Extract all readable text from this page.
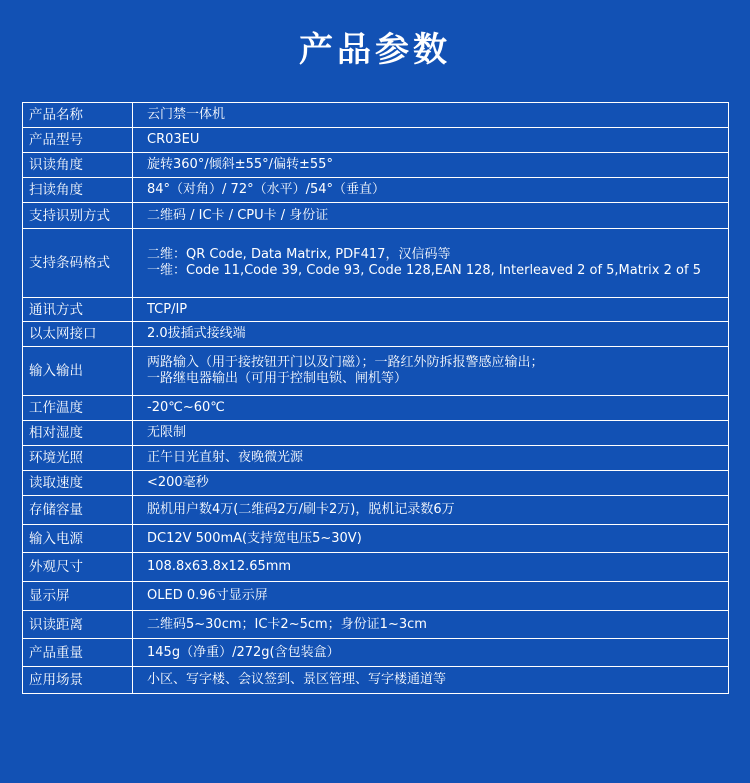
产品参数
产品名称	云门禁一体机

产品型号	CR03EU

识读角度	旋转360°/倾斜±55°/偏转±55°

扫读角度	84°（对角）/ 72°（水平）/54°（垂直）

支持识别方式	二维码 / IC卡 / CPU卡 / 身份证

支持条码格式	二维：QR Code, Data Matrix, PDF417，汉信码等
一维：Code 11,Code 39, Code 93, Code 128,EAN 128, Interleaved 2 of 5,Matrix 2 of 5

通讯方式	TCP/IP

以太网接口	2.0拔插式接线端

输入输出	两路输入（用于接按钮开门以及门磁）；一路红外防拆报警感应输出；
一路继电器输出（可用于控制电锁、闸机等）

工作温度	-20℃~60℃

相对湿度	无限制

环境光照	正午日光直射、夜晚微光源

读取速度	<200毫秒

存储容量	脱机用户数4万(二维码2万/刷卡2万)，脱机记录数6万

输入电源	DC12V 500mA(支持宽电压5~30V)

外观尺寸	108.8x63.8x12.65mm

显示屏	OLED 0.96寸显示屏

识读距离	二维码5~30cm；IC卡2~5cm；身份证1~3cm

产品重量	145g（净重）/272g(含包装盒）

应用场景	小区、写字楼、会议签到、景区管理、写字楼通道等
